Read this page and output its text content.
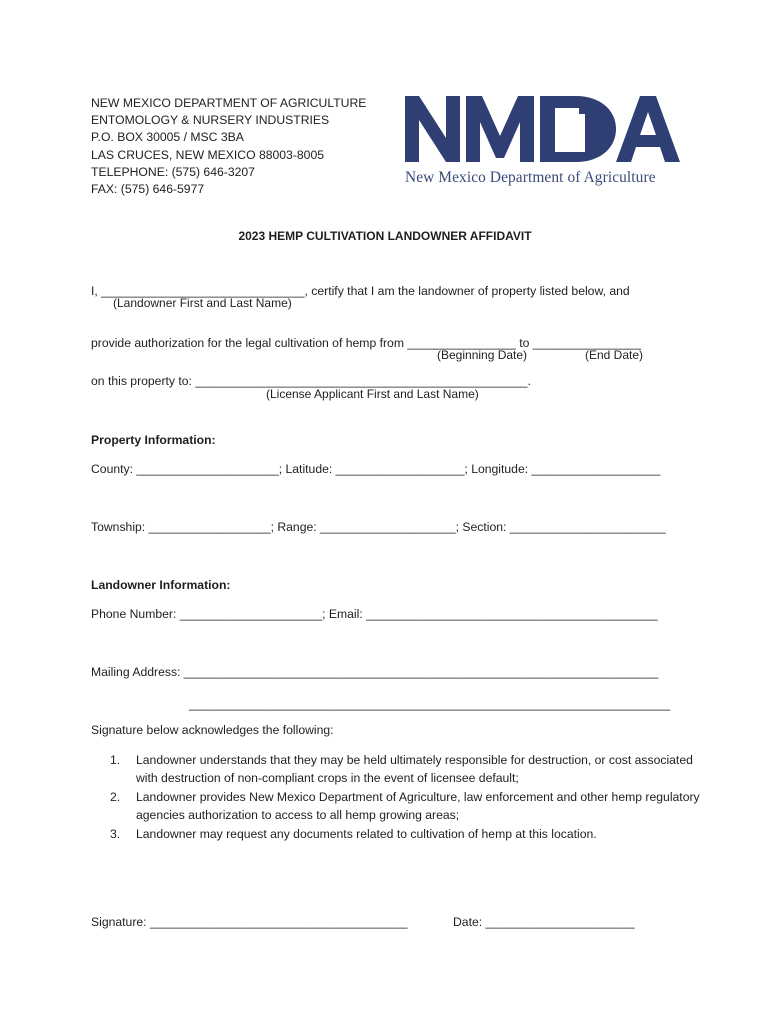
NEW MEXICO DEPARTMENT OF AGRICULTURE
ENTOMOLOGY & NURSERY INDUSTRIES
P.O. BOX 30005 / MSC 3BA
LAS CRUCES, NEW MEXICO 88003-8005
TELEPHONE: (575) 646-3207
FAX: (575) 646-5977
New Mexico Department of Agriculture
2023 HEMP CULTIVATION LANDOWNER AFFIDAVIT
I, ______________________________, certify that I am the landowner of property listed below, and
(Landowner First and Last Name)
provide authorization for the legal cultivation of hemp from ________________ to ________________
(Beginning Date)	(End Date)
on this property to: _________________________________________________.
(License Applicant First and Last Name)
Property Information:
County: _____________________; Latitude: ___________________; Longitude: ___________________
Township: __________________; Range: ____________________; Section: _______________________
Landowner Information:
Phone Number: _____________________; Email: ___________________________________________
Mailing Address: ______________________________________________________________________
_______________________________________________________________________
Signature below acknowledges the following:
1. Landowner understands that they may be held ultimately responsible for destruction, or cost associated with destruction of non-compliant crops in the event of licensee default;
2. Landowner provides New Mexico Department of Agriculture, law enforcement and other hemp regulatory agencies authorization to access to all hemp growing areas;
3. Landowner may request any documents related to cultivation of hemp at this location.
Signature: ______________________________________	Date: ______________________
